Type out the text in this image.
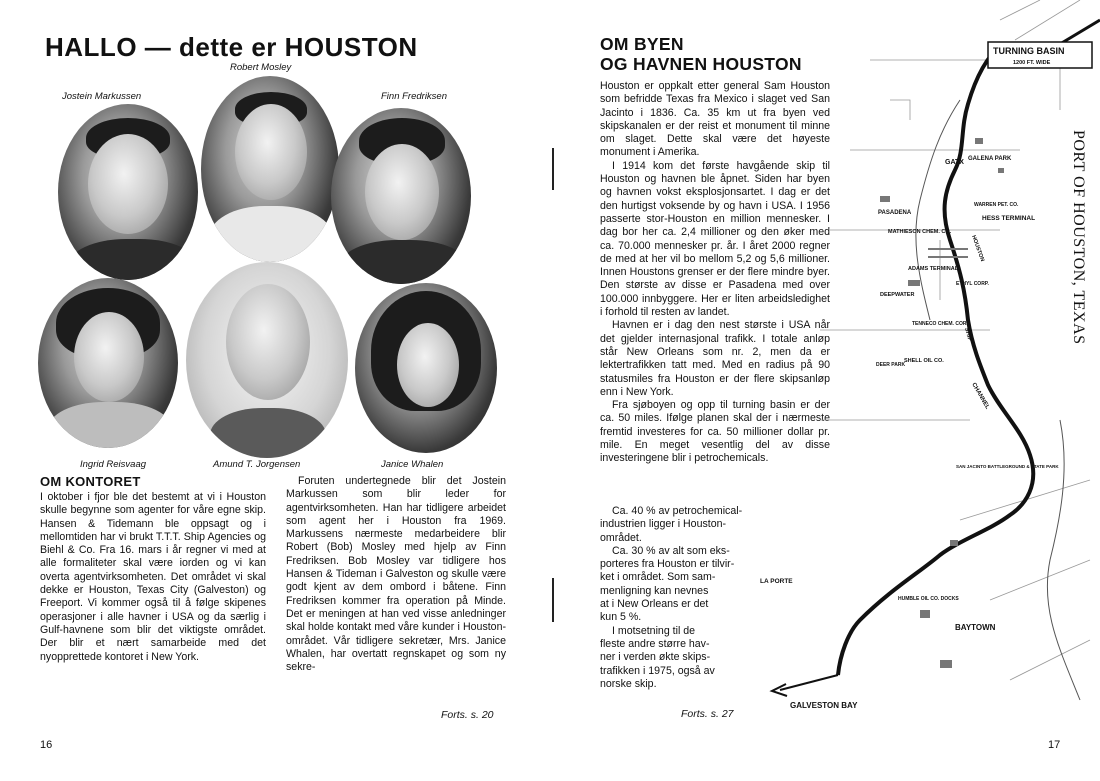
HALLO — dette er HOUSTON
Robert Mosley
Jostein Markussen	Finn Fredriksen
Ingrid Reisvaag	Amund T. Jorgensen	Janice Whalen
OM KONTORET

I oktober i fjor ble det bestemt at vi i Houston skulle begynne som agenter for våre egne skip. Hansen & Tidemann ble oppsagt og i mellomtiden har vi brukt T.T.T. Ship Agencies og Biehl & Co. Fra 16. mars i år regner vi med at alle formaliteter skal være iorden og vi kan overta agentvirksomheten. Det området vi skal dekke er Houston, Texas City (Galveston) og Freeport. Vi kommer også til å følge skipenes operasjoner i alle havner i USA og da særlig i Gulf-havnene som blir det viktigste området. Der blir et nært samarbeide med det nyopprettede kontoret i New York.

Foruten undertegnede blir det Jostein Markussen som blir leder for agentvirksomheten. Han har tidligere arbeidet som agent her i Houston fra 1969. Markussens nærmeste medarbeidere blir Robert (Bob) Mosley med hjelp av Finn Fredriksen. Bob Mosley var tidligere hos Hansen & Tideman i Galveston og skulle være godt kjent av dem ombord i båtene. Finn Fredriksen kommer fra operation på Minde. Det er meningen at han ved visse anledninger skal holde kontakt med våre kunder i Houston-området. Vår tidligere sekretær, Mrs. Janice Whalen, har overtatt regnskapet og som ny sekre-

Forts. s. 20
16
OM BYEN
OG HAVNEN HOUSTON

Houston er oppkalt etter general Sam Houston som befridde Texas fra Mexico i slaget ved San Jacinto i 1836. Ca. 35 km ut fra byen ved skipskanalen er der reist et monument til minne om slaget. Dette skal være det høyeste monument i Amerika.

I 1914 kom det første havgående skip til Houston og havnen ble åpnet. Siden har byen og havnen vokst eksplosjonsartet. I dag er det den hurtigst voksende by og havn i USA. I 1956 passerte stor-Houston en million mennesker. I dag bor her ca. 2,4 millioner og den øker med ca. 70.000 mennesker pr. år. I året 2000 regner de med at her vil bo mellom 5,2 og 5,6 millioner. Innen Houstons grenser er der flere mindre byer. Den største av disse er Pasadena med over 100.000 innbyggere. Her er liten arbeidsledighet i forhold til resten av landet.

Havnen er i dag den nest største i USA når det gjelder internasjonal trafikk. I totale anløp står New Orleans som nr. 2, men da er lektertrafikken tatt med. Med en radius på 90 statusmiles fra Houston er der flere skipsanløp enn i New York.

Fra sjøboyen og opp til turning basin er der ca. 50 miles. Ifølge planen skal der i nærmeste fremtid investeres for ca. 50 millioner dollar pr. mile. En meget vesentlig del av disse investeringene blir i petrochemicals.

Ca. 40 % av petrochemical-
industrien ligger i Houston-
området.
Ca. 30 % av alt som eks-
porteres fra Houston er tilvir-
ket i området. Som sam-
menligning kan nevnes
at i New Orleans er det
kun 5 %.
I motsetning til de
fleste andre større hav-
ner i verden økte skips-
trafikken i 1975, også av
norske skip.
Forts. s. 27
17
TURNING BASIN
1200 FT. WIDE
GATX GALENA PARK
WARREN PET. CO.
PASADENA
HESS TERMINAL
MATHIESON CHEM. CO.
HOUSTON
ADAMS TERMINAL
ETHYL CORP.
DEEPWATER
TENNECO CHEM. CORP.
SHIP
SHELL OIL CO.
DEER PARK
CHANNEL
SAN JACINTO BATTLEGROUND & STATE PARK
LA PORTE
HUMBLE OIL CO. DOCKS
BAYTOWN
GALVESTON BAY
PORT OF HOUSTON, TEXAS
